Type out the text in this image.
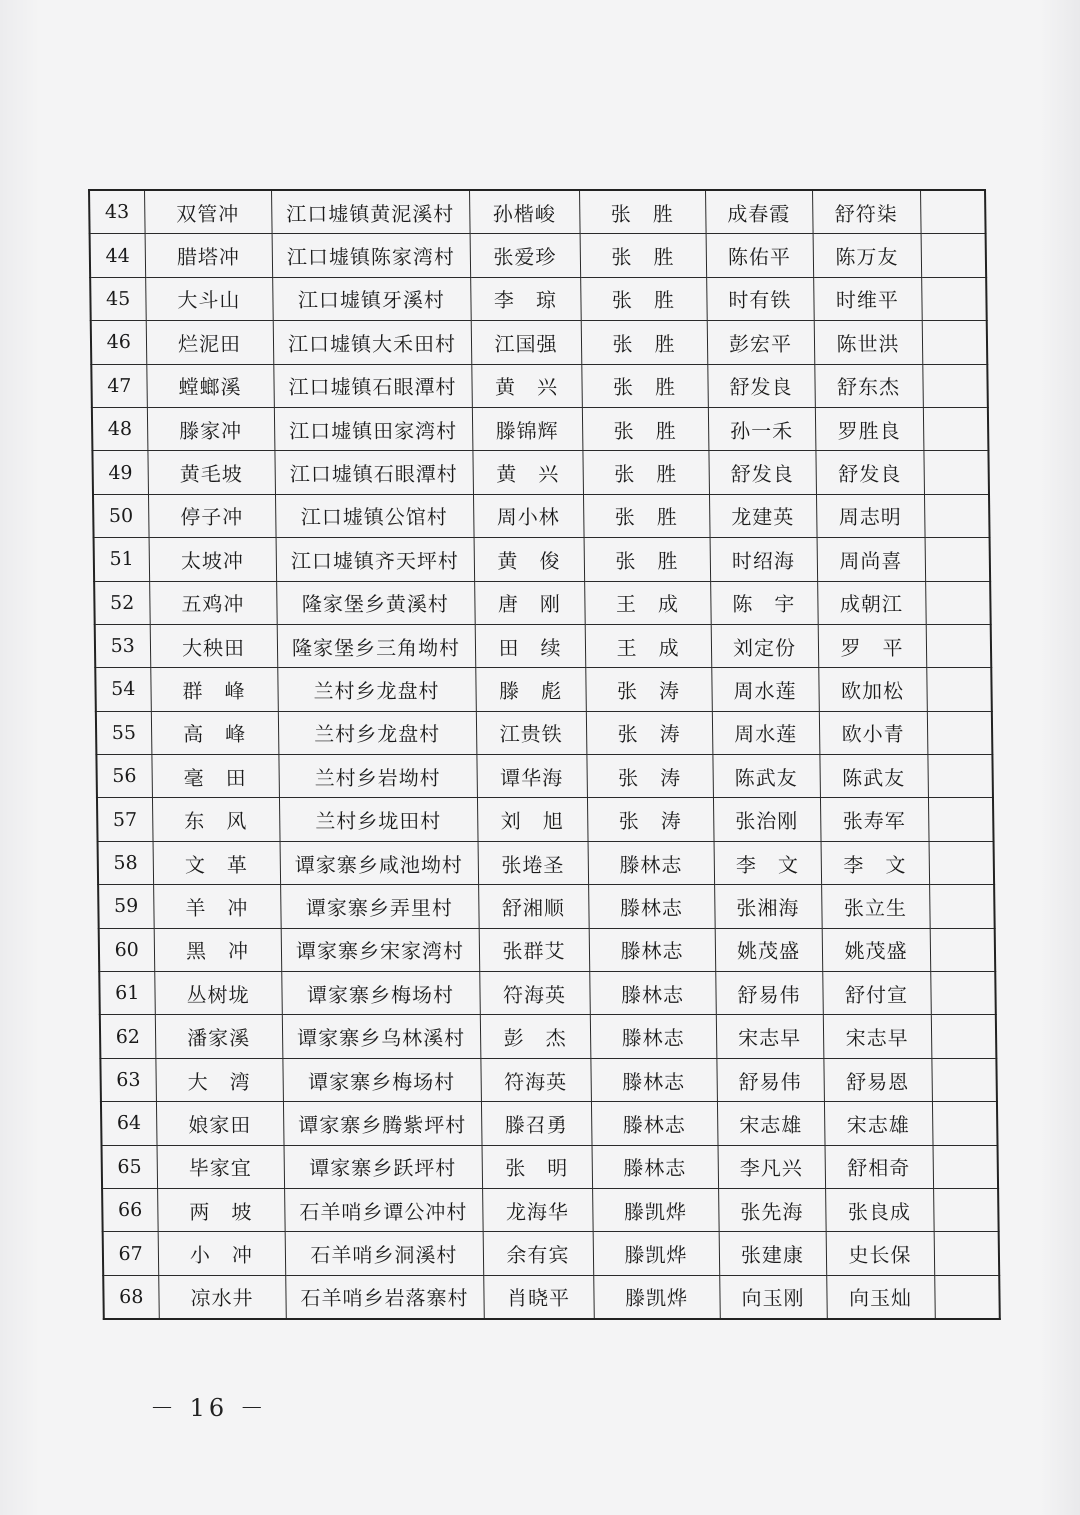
43	双管冲	江口墟镇黄泥溪村	孙楷峻	张　胜	成春霞	舒符柒	
44	腊塔冲	江口墟镇陈家湾村	张爱珍	张　胜	陈佑平	陈万友	
45	大斗山	江口墟镇牙溪村	李　琼	张　胜	时有铁	时维平	
46	烂泥田	江口墟镇大禾田村	江国强	张　胜	彭宏平	陈世洪	
47	螳螂溪	江口墟镇石眼潭村	黄　兴	张　胜	舒发良	舒东杰	
48	滕家冲	江口墟镇田家湾村	滕锦辉	张　胜	孙一禾	罗胜良	
49	黄毛坡	江口墟镇石眼潭村	黄　兴	张　胜	舒发良	舒发良	
50	停子冲	江口墟镇公馆村	周小林	张　胜	龙建英	周志明	
51	太坡冲	江口墟镇齐天坪村	黄　俊	张　胜	时绍海	周尚喜	
52	五鸡冲	隆家堡乡黄溪村	唐　刚	王　成	陈　宇	成朝江	
53	大秧田	隆家堡乡三角坳村	田　续	王　成	刘定份	罗　平	
54	群　峰	兰村乡龙盘村	滕　彪	张　涛	周水莲	欧加松	
55	高　峰	兰村乡龙盘村	江贵铁	张　涛	周水莲	欧小青	
56	毫　田	兰村乡岩坳村	谭华海	张　涛	陈武友	陈武友	
57	东　风	兰村乡垅田村	刘　旭	张　涛	张治刚	张寿军	
58	文　革	谭家寨乡咸池坳村	张埢圣	滕林志	李　文	李　文	
59	羊　冲	谭家寨乡弄里村	舒湘顺	滕林志	张湘海	张立生	
60	黑　冲	谭家寨乡宋家湾村	张群艾	滕林志	姚茂盛	姚茂盛	
61	丛树垅	谭家寨乡梅场村	符海英	滕林志	舒易伟	舒付宣	
62	潘家溪	谭家寨乡乌林溪村	彭　杰	滕林志	宋志早	宋志早	
63	大　湾	谭家寨乡梅场村	符海英	滕林志	舒易伟	舒易恩	
64	娘家田	谭家寨乡腾紫坪村	滕召勇	滕林志	宋志雄	宋志雄	
65	毕家宜	谭家寨乡跃坪村	张　明	滕林志	李凡兴	舒相奇	
66	两　坡	石羊哨乡谭公冲村	龙海华	滕凯烨	张先海	张良成	
67	小　冲	石羊哨乡洞溪村	余有宾	滕凯烨	张建康	史长保	
68	凉水井	石羊哨乡岩落寨村	肖晓平	滕凯烨	向玉刚	向玉灿	
－ 16 －
